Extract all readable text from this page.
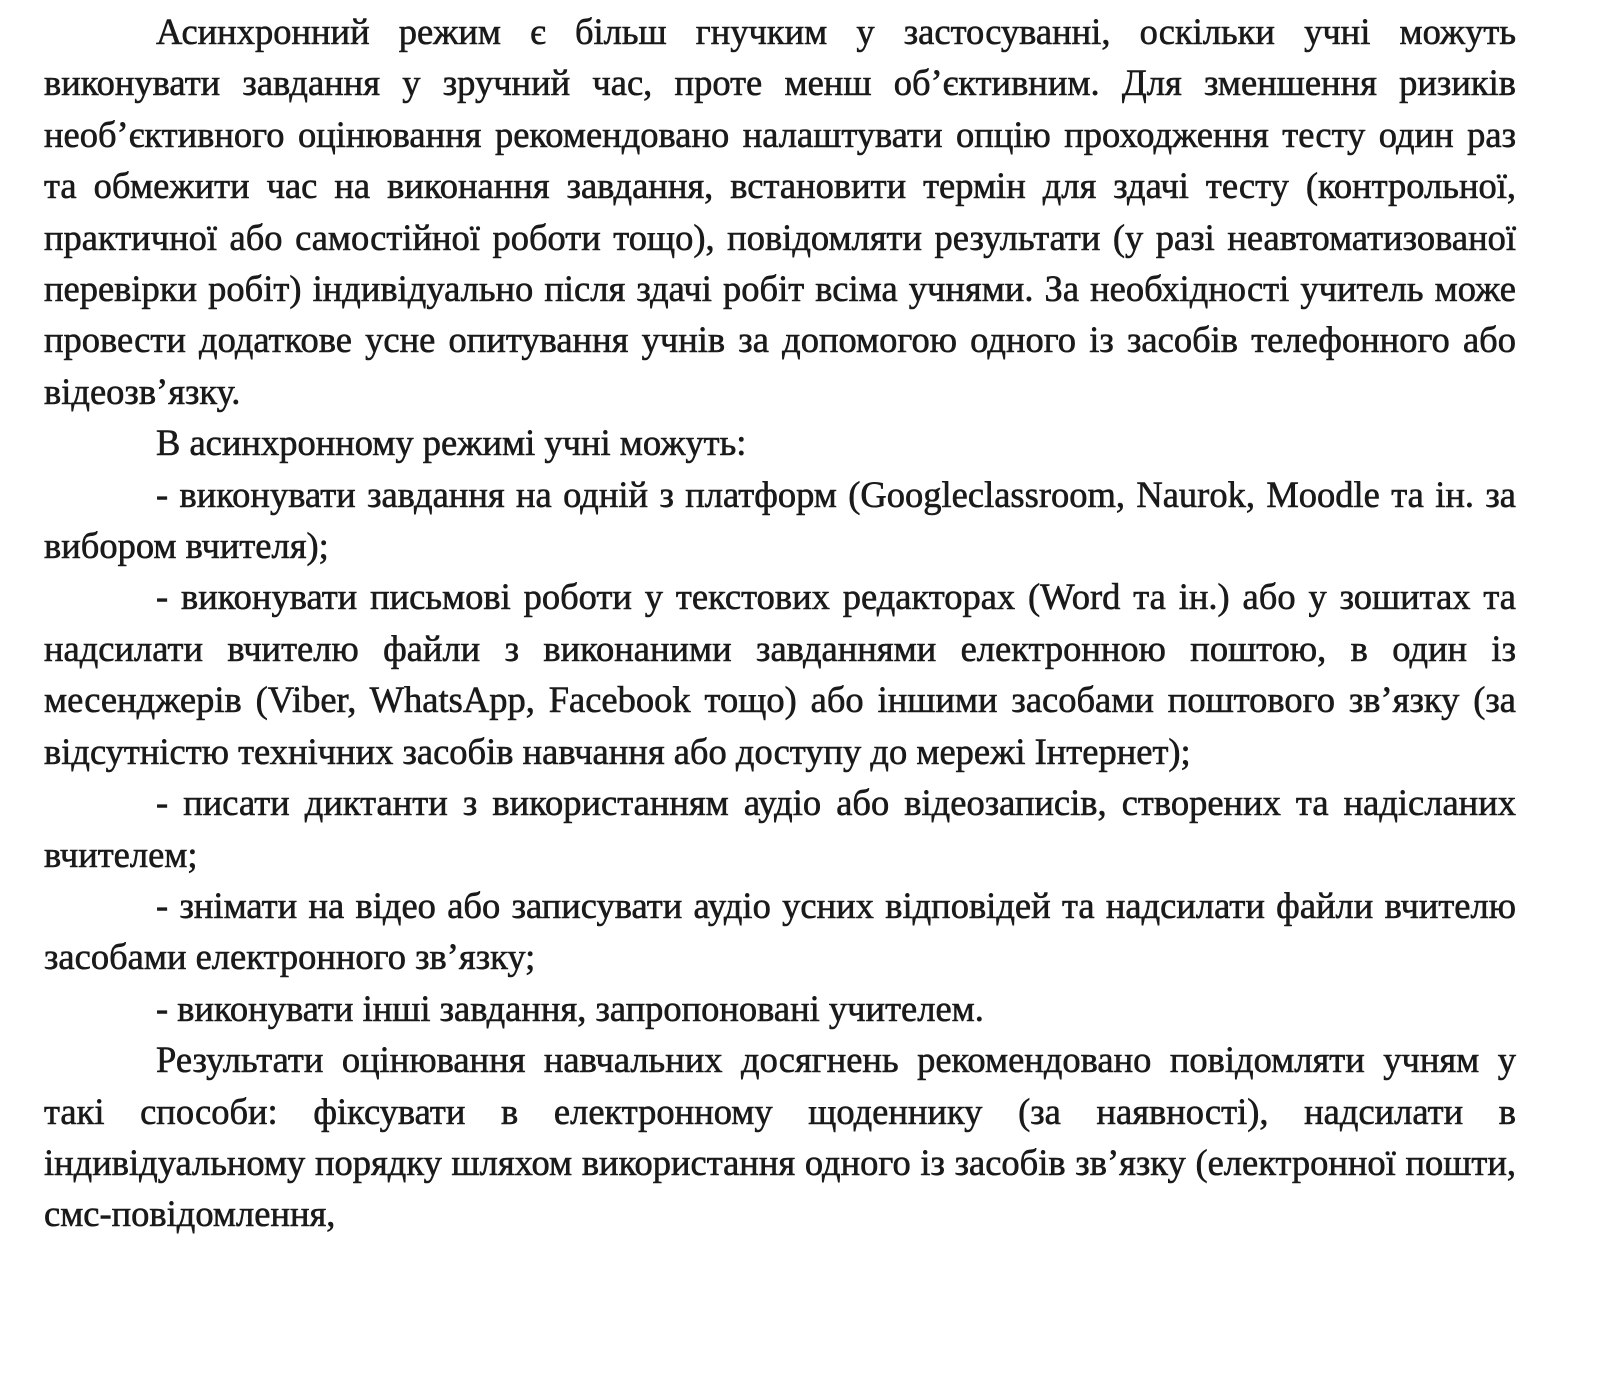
Асинхронний режим є більш гнучким у застосуванні, оскільки учні можуть виконувати завдання у зручний час, проте менш об’єктивним. Для зменшення ризиків необ’єктивного оцінювання рекомендовано налаштувати опцію проходження тесту один раз та обмежити час на виконання завдання, встановити термін для здачі тесту (контрольної, практичної або самостійної роботи тощо), повідомляти результати (у разі неавтоматизованої перевірки робіт) індивідуально після здачі робіт всіма учнями. За необхідності учитель може провести додаткове усне опитування учнів за допомогою одного із засобів телефонного або відеозв’язку.

В асинхронному режимі учні можуть:

- виконувати завдання на одній з платформ (Googleclassroom, Naurok, Moodle та ін. за вибором вчителя);

- виконувати письмові роботи у текстових редакторах (Word та ін.) або у зошитах та надсилати вчителю файли з виконаними завданнями електронною поштою, в один із месенджерів (Viber, WhatsApp, Facebook тощо) або іншими засобами поштового зв’язку (за відсутністю технічних засобів навчання або доступу до мережі Інтернет);

- писати диктанти з використанням аудіо або відеозаписів, створених та надісланих вчителем;

- знімати на відео або записувати аудіо усних відповідей та надсилати файли вчителю засобами електронного зв’язку;

- виконувати інші завдання, запропоновані учителем.

Результати оцінювання навчальних досягнень рекомендовано повідомляти учням у такі способи: фіксувати в електронному щоденнику (за наявності), надсилати в індивідуальному порядку шляхом використання одного із засобів зв’язку (електронної пошти, смс-повідомлення,
